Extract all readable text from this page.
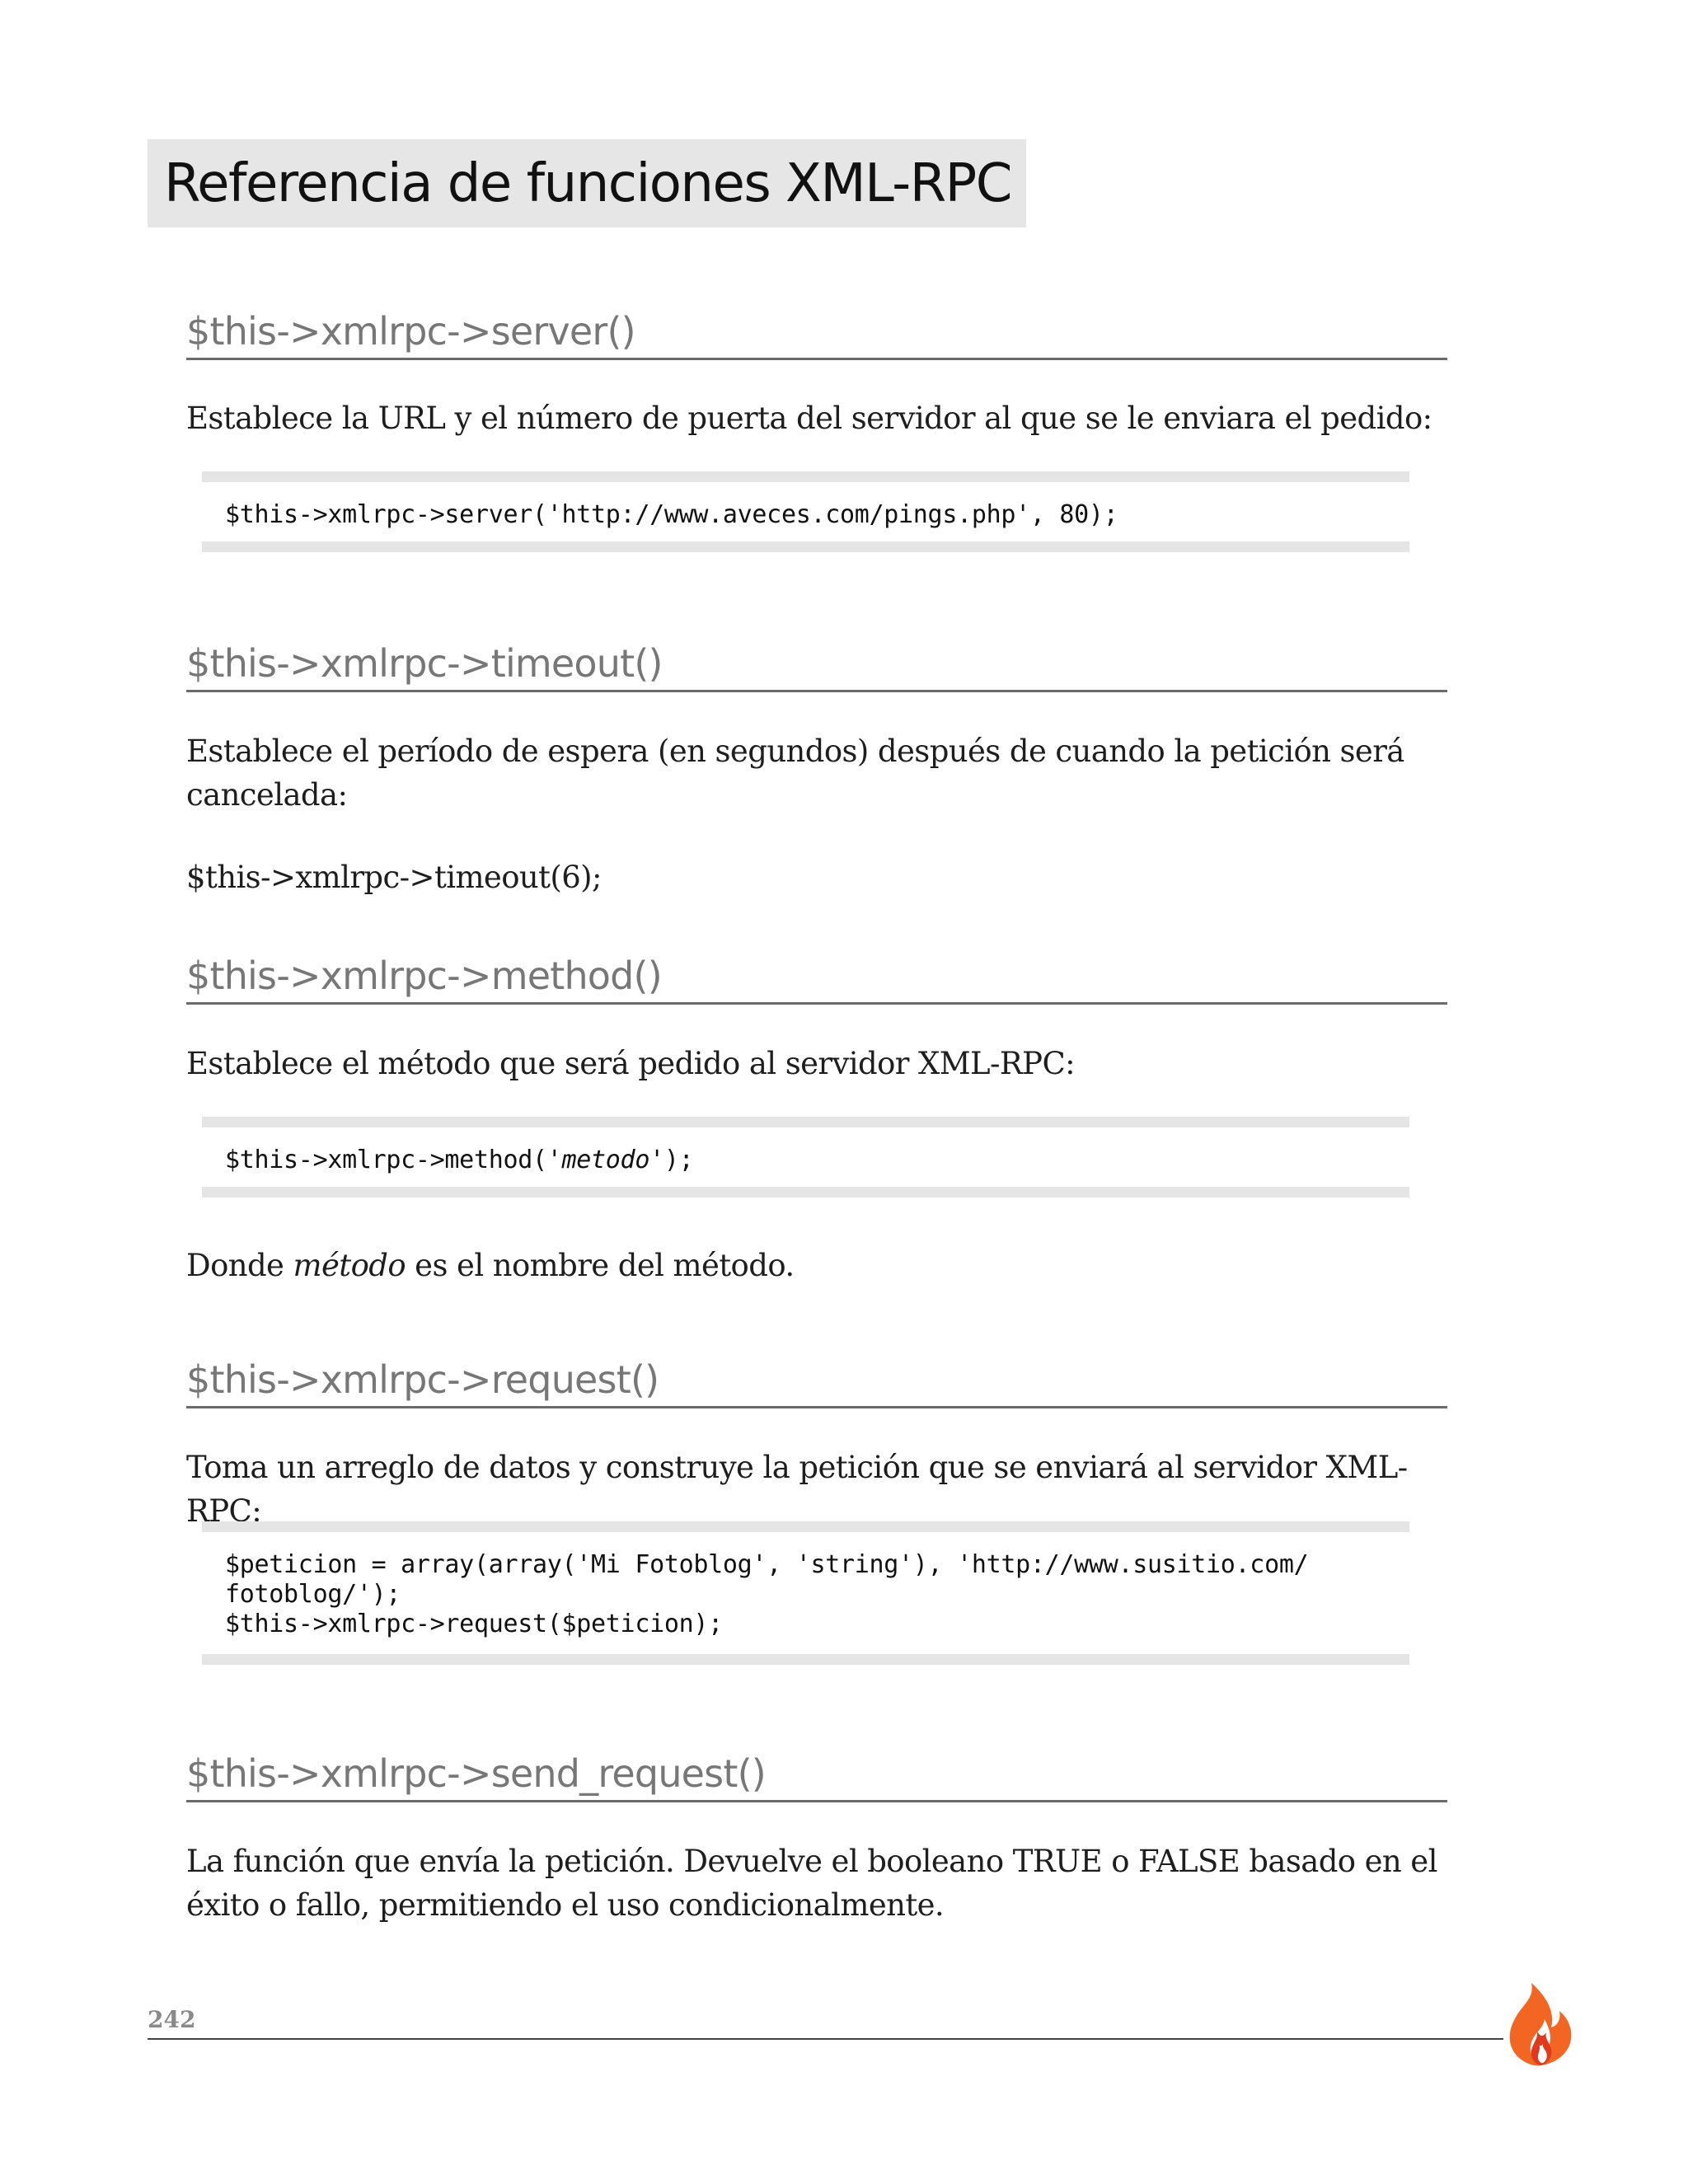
Referencia de funciones XML-RPC
$this->xmlrpc->server()
Establece la URL y el número de puerta del servidor al que se le enviara el pedido:
$this->xmlrpc->server('http://www.aveces.com/pings.php', 80);
$this->xmlrpc->timeout()
Establece el período de espera (en segundos) después de cuando la petición será
cancelada:
$this->xmlrpc->timeout(6);
$this->xmlrpc->method()
Establece el método que será pedido al servidor XML-RPC:
$this->xmlrpc->method('metodo');
Donde método es el nombre del método.
$this->xmlrpc->request()
Toma un arreglo de datos y construye la petición que se enviará al servidor XML-RPC:
$peticion = array(array('Mi Fotoblog', 'string'), 'http://www.susitio.com/
fotoblog/');
$this->xmlrpc->request($peticion);
$this->xmlrpc->send_request()
La función que envía la petición. Devuelve el booleano TRUE o FALSE basado en el
éxito o fallo, permitiendo el uso condicionalmente.
242
